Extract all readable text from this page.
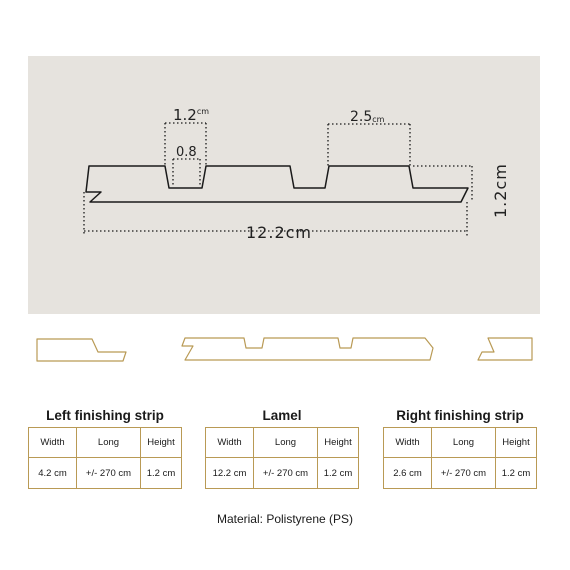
$1.2^{cm}$
0.8
2.5cm
12.2cm
1.2cm
Left finishing strip
Width	Long	Height
4.2 cm	+/- 270 cm	1.2 cm
Lamel
Width	Long	Height
12.2 cm	+/- 270 cm	1.2 cm
Right finishing strip
Width	Long	Height
2.6 cm	+/- 270 cm	1.2 cm
Material: Polistyrene (PS)
